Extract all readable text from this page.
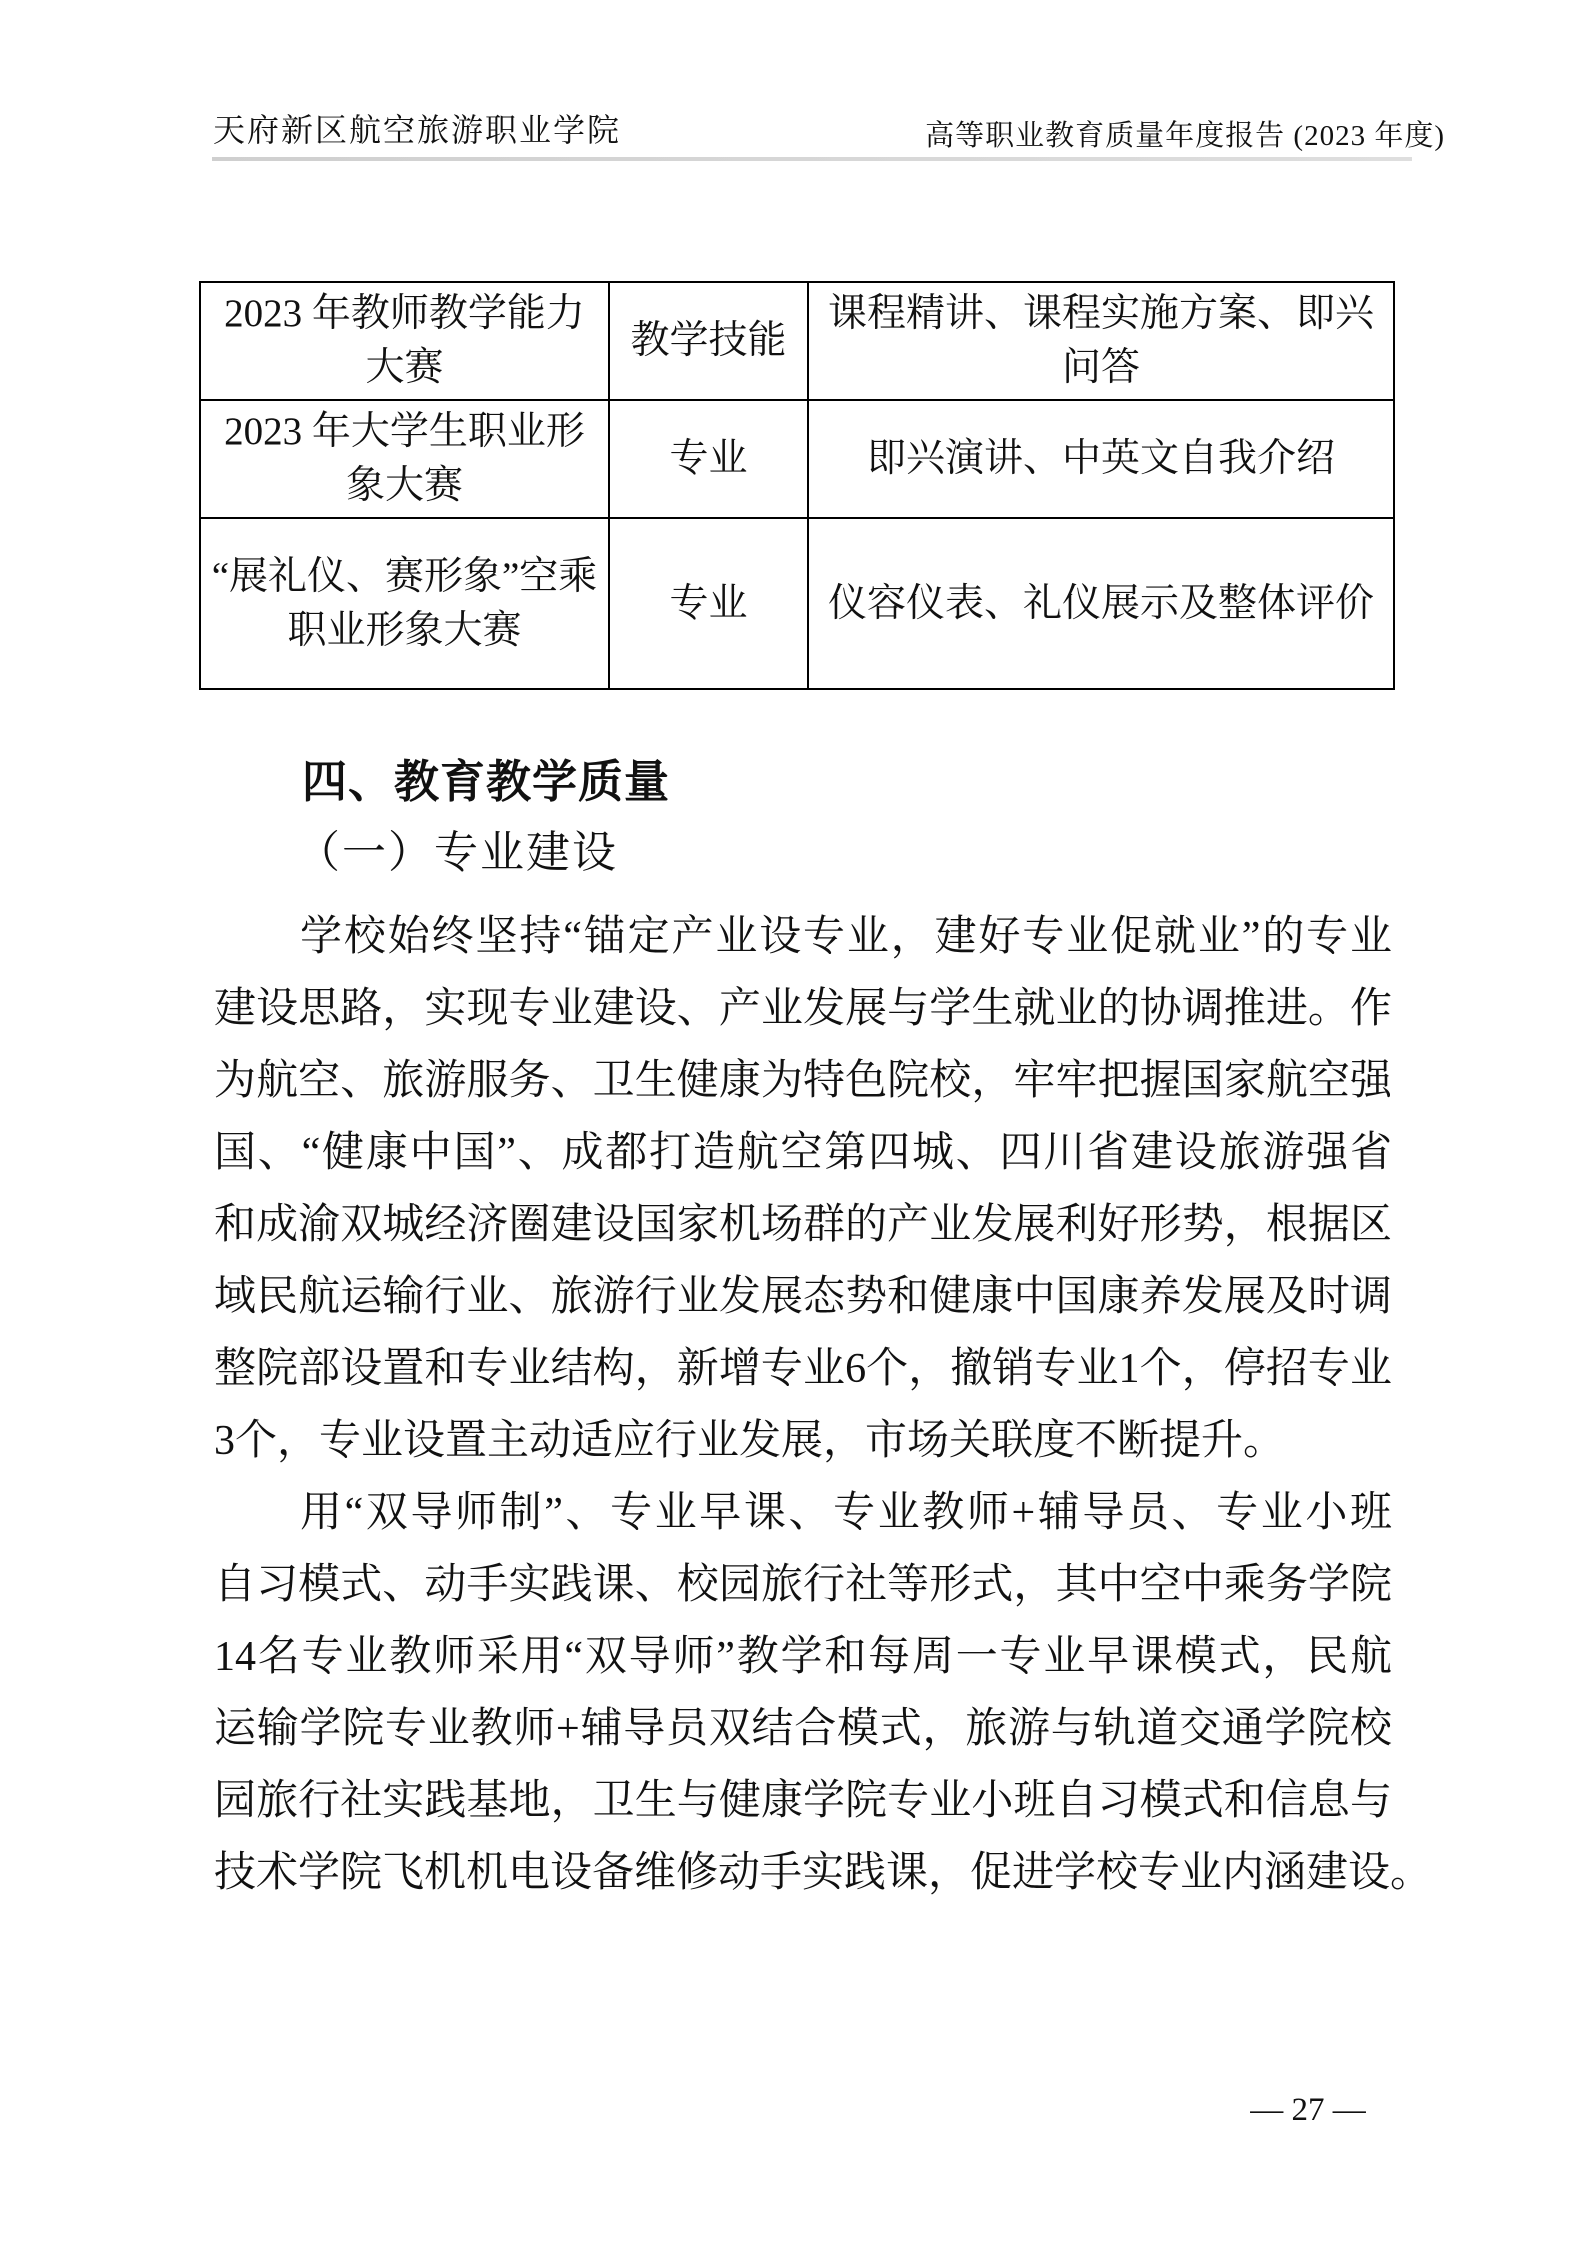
天府新区航空旅游职业学院	高等职业教育质量年度报告 (2023 年度)
2023 年教师教学能力大赛	教学技能	课程精讲、课程实施方案、即兴问答
2023 年大学生职业形象大赛	专业	即兴演讲、中英文自我介绍
“展礼仪、赛形象”空乘职业形象大赛	专业	仪容仪表、礼仪展示及整体评价
四、教育教学质量
（一）专业建设
学校始终坚持“锚定产业设专业，建好专业促就业”的专业
建设思路，实现专业建设、产业发展与学生就业的协调推进。作
为航空、旅游服务、卫生健康为特色院校，牢牢把握国家航空强
国、“健康中国”、成都打造航空第四城、四川省建设旅游强省
和成渝双城经济圈建设国家机场群的产业发展利好形势，根据区
域民航运输行业、旅游行业发展态势和健康中国康养发展及时调
整院部设置和专业结构，新增专业6个，撤销专业1个，停招专业
3个，专业设置主动适应行业发展，市场关联度不断提升。
用“双导师制”、专业早课、专业教师+辅导员、专业小班
自习模式、动手实践课、校园旅行社等形式，其中空中乘务学院
14名专业教师采用“双导师”教学和每周一专业早课模式，民航
运输学院专业教师+辅导员双结合模式，旅游与轨道交通学院校
园旅行社实践基地，卫生与健康学院专业小班自习模式和信息与
技术学院飞机机电设备维修动手实践课，促进学校专业内涵建设。
— 27 —
